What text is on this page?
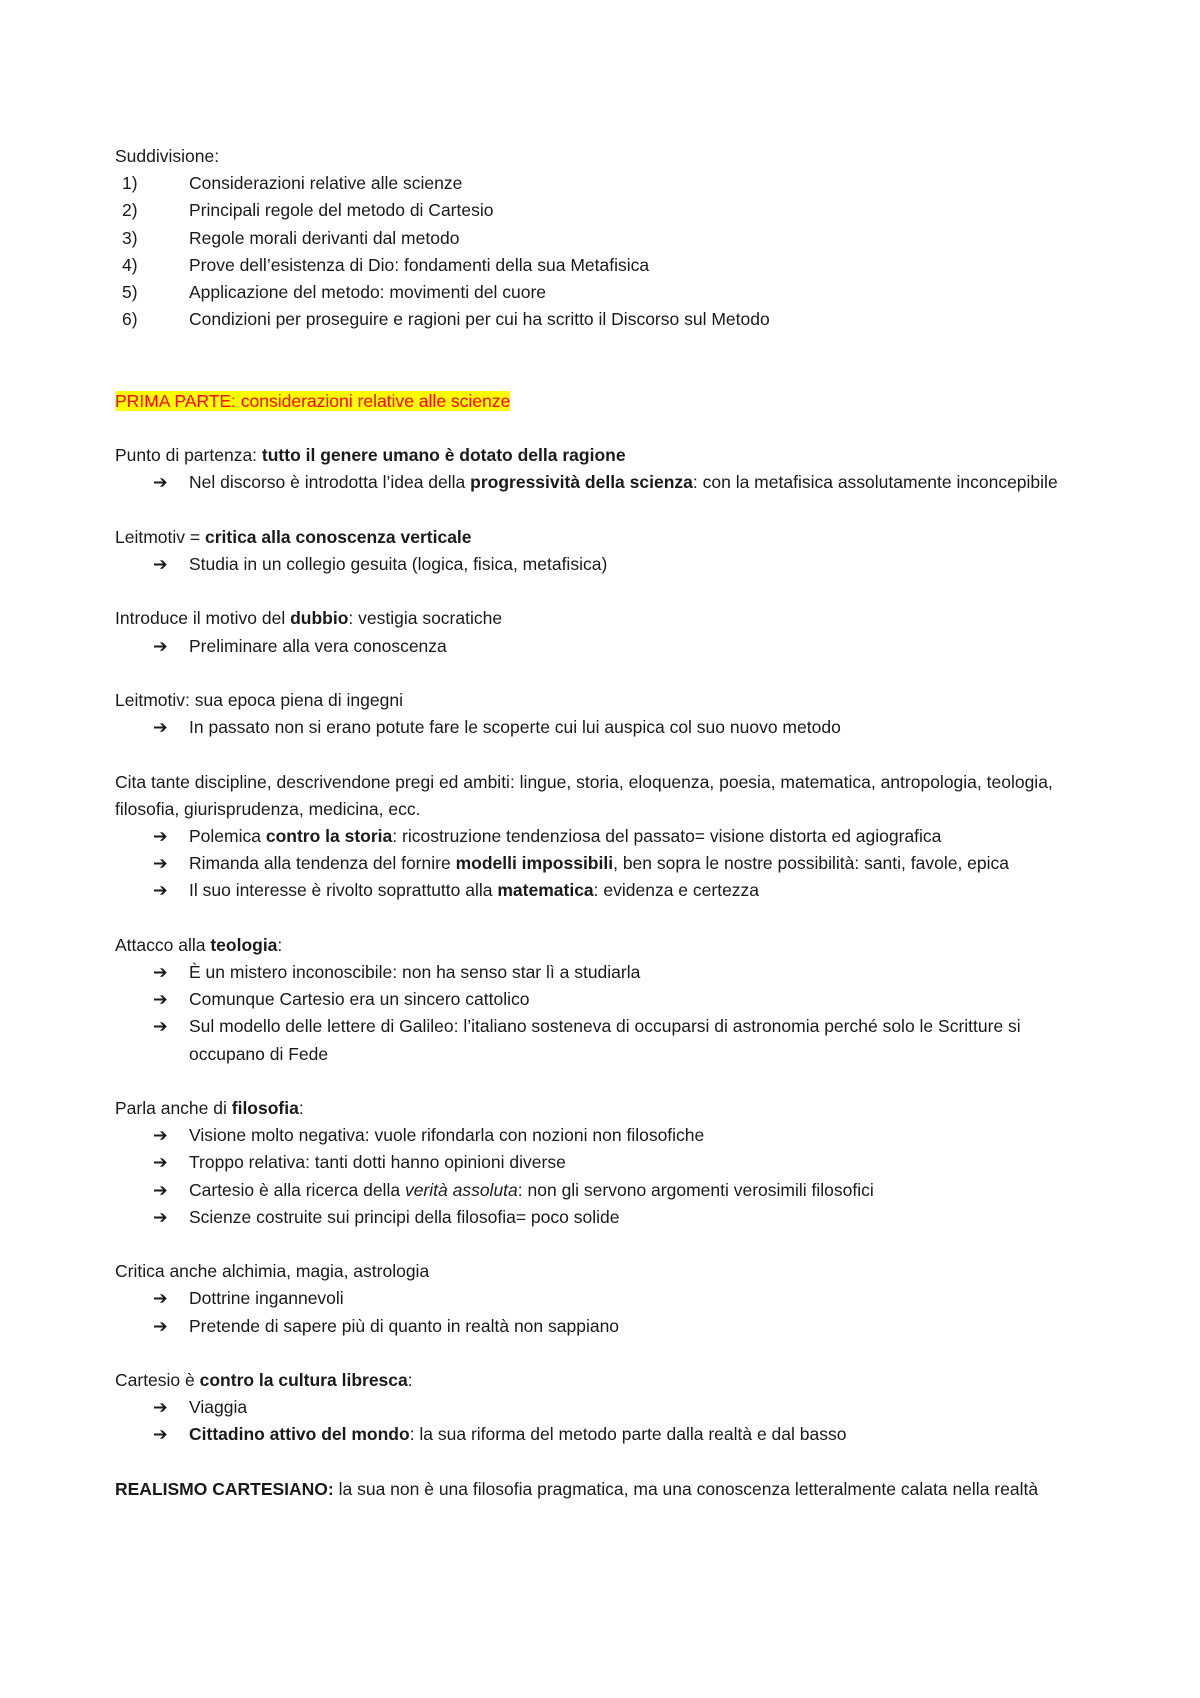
Suddivisione:

1)	Considerazioni relative alle scienze
2)	Principali regole del metodo di Cartesio
3)	Regole morali derivanti dal metodo
4)	Prove dell’esistenza di Dio: fondamenti della sua Metafisica
5)	Applicazione del metodo: movimenti del cuore
6)	Condizioni per proseguire e ragioni per cui ha scritto il Discorso sul Metodo

PRIMA PARTE: considerazioni relative alle scienze

Punto di partenza: tutto il genere umano è dotato della ragione

➔	Nel discorso è introdotta l’idea della progressività della scienza: con la metafisica assolutamente inconcepibile

Leitmotiv = critica alla conoscenza verticale

➔	Studia in un collegio gesuita (logica, fisica, metafisica)

Introduce il motivo del dubbio: vestigia socratiche

➔	Preliminare alla vera conoscenza

Leitmotiv: sua epoca piena di ingegni

➔	In passato non si erano potute fare le scoperte cui lui auspica col suo nuovo metodo

Cita tante discipline, descrivendone pregi ed ambiti: lingue, storia, eloquenza, poesia, matematica, antropologia, teologia, filosofia, giurisprudenza, medicina, ecc.

➔	Polemica contro la storia: ricostruzione tendenziosa del passato= visione distorta ed agiografica
➔	Rimanda alla tendenza del fornire modelli impossibili, ben sopra le nostre possibilità: santi, favole, epica
➔	Il suo interesse è rivolto soprattutto alla matematica: evidenza e certezza

Attacco alla teologia:

➔	È un mistero inconoscibile: non ha senso star lì a studiarla
➔	Comunque Cartesio era un sincero cattolico
➔	Sul modello delle lettere di Galileo: l’italiano sosteneva di occuparsi di astronomia perché solo le Scritture si occupano di Fede

Parla anche di filosofia:

➔	Visione molto negativa: vuole rifondarla con nozioni non filosofiche
➔	Troppo relativa: tanti dotti hanno opinioni diverse
➔	Cartesio è alla ricerca della verità assoluta: non gli servono argomenti verosimili filosofici
➔	Scienze costruite sui principi della filosofia= poco solide

Critica anche alchimia, magia, astrologia

➔	Dottrine ingannevoli
➔	Pretende di sapere più di quanto in realtà non sappiano

Cartesio è contro la cultura libresca:

➔	Viaggia
➔	Cittadino attivo del mondo: la sua riforma del metodo parte dalla realtà e dal basso

REALISMO CARTESIANO: la sua non è una filosofia pragmatica, ma una conoscenza letteralmente calata nella realtà
